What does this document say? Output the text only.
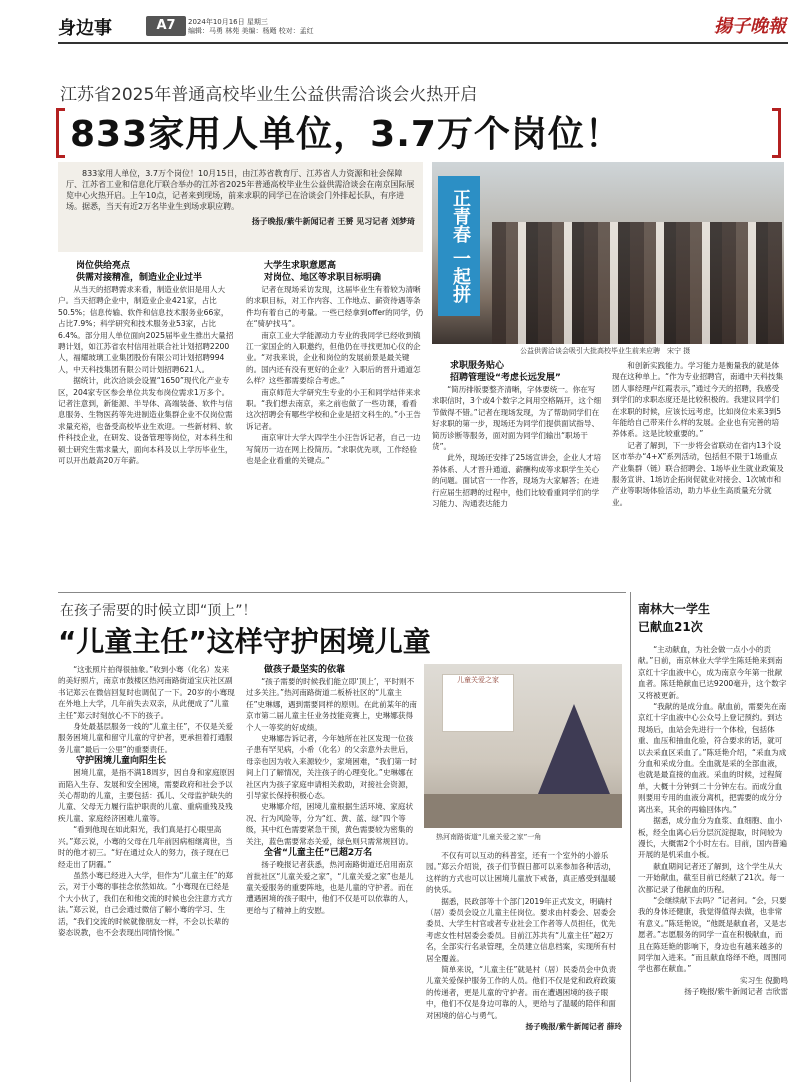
身边事	A7	2024年10月16日 星期三
编辑：马勇 林苑 美编：杨飏 校对：孟红	揚子晚報
江苏省2025年普通高校毕业生公益供需洽谈会火热开启
833家用人单位，3.7万个岗位！

833家用人单位，3.7万个岗位！10月15日，由江苏省教育厅、江苏省人力资源和社会保障厅、江苏省工业和信息化厅联合举办的江苏省2025年普通高校毕业生公益供需洽谈会在南京国际展览中心火热开启。上午10点，记者来到现场，前来求职的同学已在洽谈会门外排起长队，有序进场。据悉，当天有近2万名毕业生到场求职应聘。

扬子晚报/紫牛新闻记者 王赟 见习记者 刘梦琦	正青春 一起拼
公益供需洽谈会吸引大批高校毕业生前来应聘　宋宁 摄

岗位供给亮点

供需对接精准，制造业企业过半

从当天的招聘需求来看，制造业依旧是用人大户。当天招聘企业中，制造业企业421家，占比50.5%；信息传输、软件和信息技术服务业66家，占比7.9%；科学研究和技术服务业53家，占比6.4%。部分用人单位面向2025届毕业生推出大量招聘计划，如江苏省农村信用社联合社计划招聘2200人，福耀玻璃工业集团股份有限公司计划招聘994人，中天科技集团有限公司计划招聘621人。

据统计，此次洽谈会设置“1650”现代化产业专区，204家专区参会单位共发布岗位需求1万多个。记者注意到，新能源、半导体、高端装备、软件与信息服务、生物医药等先进制造业集群企业不仅岗位需求量充裕，也备受高校毕业生欢迎。一些新材料、软件科技企业，在研发、设备管理等岗位，对本科生和硕士研究生需求量大，面向本科及以上学历毕业生，可以开出最高20万年薪。

大学生求职意愿高

对岗位、地区等求职目标明确

记者在现场采访发现，这届毕业生有着较为清晰的求职目标，对工作内容、工作地点、薪资待遇等条件均有着自己的考量。一些已经拿到offer的同学，仍在“骑驴找马”。

南京工业大学能源动力专业的我同学已经收到镇江一家国企的入职邀约，但他仍在寻找更加心仪的企业。“对我来说，企业和岗位的发展前景是最关键的。国内还有没有更好的企业？入职后的晋升通道怎么样？这些都需要综合考虑。”

南京师范大学研究生专业的小王和同学结伴来求职。“我们想去南京，来之前也做了一些功课，看看这次招聘会有哪些学校和企业是招文科生的。”小王告诉记者。

南京审计大学大四学生小汪告诉记者，自己一边写简历一边在网上投简历。“求职优先项，工作经验也是企业看重的关键点。”

求职服务贴心

招聘管理设“考虑长远发展”

“简历排版要整齐清晰，字体要统一。你在写求职信时，3个或4个数字之间用空格隔开，这个细节做得不错。”记者在现场发现，为了帮助同学们在好求职的第一步，现场还为同学们提供面试指导、简历诊断等服务，面对面为同学们输出“职场干货”。

此外，现场还安排了25场宣讲会，企业人才培养体系、人才晋升通道、薪酬构成等求职学生关心的问题。面试官一一作答，现场为大家解答；在进行应届生招聘的过程中，他们比较看重同学们的学习能力、沟通表达能力

和创新实践能力。学习能力是衡量我的就是体现在这种单上。“作为专业招聘官，南通中天科技集团人事经理卢红霞表示，”通过今天的招聘，我感受到学们的求职态度还是比较积极的。我建议同学们在求职的时候，应该长远考虑，比如岗位未来3到5年能给自己带来什么样的发展。企业也有完善的培养体系。这是比较重要的。”

记者了解到，下一步将会省联动在省内13个设区市举办“4+X”系列活动，包括但不限于1场重点产业集群（链）联合招聘会、1场毕业生就业政策及服务宣讲、1场访企拓岗促就业对接会、1次城市和产业等职场体验活动，助力毕业生高质量充分就业。

在孩子需要的时候立即“顶上”！
“儿童主任”这样守护困境儿童

“这张照片拍得很抽象。”收到小骞（化名）发来的美好照片，南京市鼓楼区热河南路街道宝庆社区副书记郑云在微信回复时也调侃了一下。20岁的小骞现在外地上大学，几年前失去双亲，从此便成了“儿童主任”郑云时刻放心不下的孩子。

身处最基层服务一线的“儿童主任”，不仅是关爱服务困境儿童和留守儿童的守护者，更承担着打通服务儿童“最后一公里”的重要责任。

守护困境儿童向阳生长

困境儿童，是指不满18周岁，因自身和家庭原因而陷入生存、发展和安全困境，需要政府和社会予以关心帮助的儿童，主要包括：孤儿、父母监护缺失的儿童、父母无力履行监护职责的儿童、重病重残及残疾儿童、家庭经济困难儿童等。

“看到他现在如此阳光，我们真是打心眼里高兴。”郑云说，小骞的父母在几年前因病相继离世，当时的他才初三。“好在通过众人的努力，孩子现在已经走出了阴霾。”

虽然小骞已经进入大学，但作为“儿童主任”的郑云，对于小骞的事挂念依然如故。“小骞现在已经是个大小伙了，我们在和他交流的时候也会注意方式方法。”郑云说，自己会通过微信了解小骞的学习、生活，“我们交流的时候就像朋友一样，不会以长辈的姿态说教，也不会表现出同情怜悯。”

做孩子最坚实的依靠

“孩子需要的时候我们能立即‘顶上’，平时则不过多关注。”热河南路街道二板桥社区的“儿童主任”史琳娜，遇到需要同样的原则。在此前某年的南京市第二届儿童主任业务技能竞赛上，史琳娜获得个人一等奖的好成绩。

史琳娜告诉记者，今年她所在社区发现一位孩子患有罕见病，小希（化名）的父亲意外去世后，母亲也因为收入来源较少，家境困难，“我们第一时间上门了解情况，关注孩子的心理变化。”史琳娜在社区内为孩子家庭申请相关救助，对接社会资源，引导家长保持积极心态。

史琳娜介绍，困境儿童根据生活环境、家庭状况、行为风险等，分为“红、黄、蓝、绿”四个等级，其中红色需要紧急干预，黄色需要较为密集的关注，蓝色需要常态关爱，绿色则只需常规回访。

全省“儿童主任”已超2万名

扬子晚报记者获悉，热河南路街道还启用南京首批社区“儿童关爱之家”，“儿童关爱之家”也是儿童关爱服务的重要阵地，也是儿童的守护者。而在遭遇困境的孩子眼中，他们不仅是可以依靠的人，更给与了精神上的安慰。

儿童关爱之家
热河南路街道“儿童关爱之家”一角

不仅有可以互动的科普室，还有一个室外的小游乐园。”郑云介绍说，孩子们节假日都可以来参加各种活动，这样的方式也可以让困境儿童放下戒备，真正感受到温暖的快乐。

据悉，民政部等十个部门2019年正式发文，明确村（居）委员会设立儿童主任岗位。要求由村委会、居委会委员、大学生村官或者专业社会工作者等人员担任，优先考虑女性村居委会委员。目前江苏共有“儿童主任”超2万名，全部实行名录管理，全员建立信息档案，实现所有村居全覆盖。

简单来说，“儿童主任”就是村（居）民委员会中负责儿童关爱保护服务工作的人员。他们不仅是党和政府政策的传递者，更是儿童的守护者。而在遭遇困境的孩子眼中，他们不仅是身边可靠的人，更给与了温暖的陪伴和面对困境的信心与勇气。

扬子晚报/紫牛新闻记者 薛玲

南林大一学生
已献血21次

“主动献血，为社会做一点小小的贡献。”日前，南京林业大学学生陈廷艳来到南京红十字血液中心，成为南京今年第一批献血者。陈廷艳献血已达9200毫升，这个数字又将被更新。

“我献的是成分血。献血前，需要先在南京红十字血液中心公众号上登记预约。到达现场后，血站会先进行一个体检，包括体重、血压和抽血化验，符合要求的话，就可以去采血区采血了。”陈廷艳介绍，“采血为成分血和采成分血。全血就是采的全部血液，也就是最直接的血液。采血的时候，过程简单，大概十分钟到二十分钟左右。而成分血则要用专用的血液分离机，把需要的成分分离出来，其余的再输回体内。”

据悉，成分血分为血浆、血细胞、血小板，经全血离心后分层沉淀提取，时间较为漫长，大概需2个小时左右。目前，国内普遍开展的是机采血小板。

献血期间记者还了解到，这个学生从大一开始献血，截至目前已经献了21次。每一次都记录了他献血的历程。

“会继续献下去吗？”记者问。“会，只要我的身体还健康，我觉得值得去做，也非常有意义。”陈廷艳说，“他既是献血者，又是志愿者。”志愿服务的同学一直在积极献血，而且在陈廷艳的影响下，身边也有越来越多的同学加入进来。“而且献血络绎不绝，周围同学也都在献血。”

实习生 倪勤鸣

扬子晚报/紫牛新闻记者 吉欣雷
